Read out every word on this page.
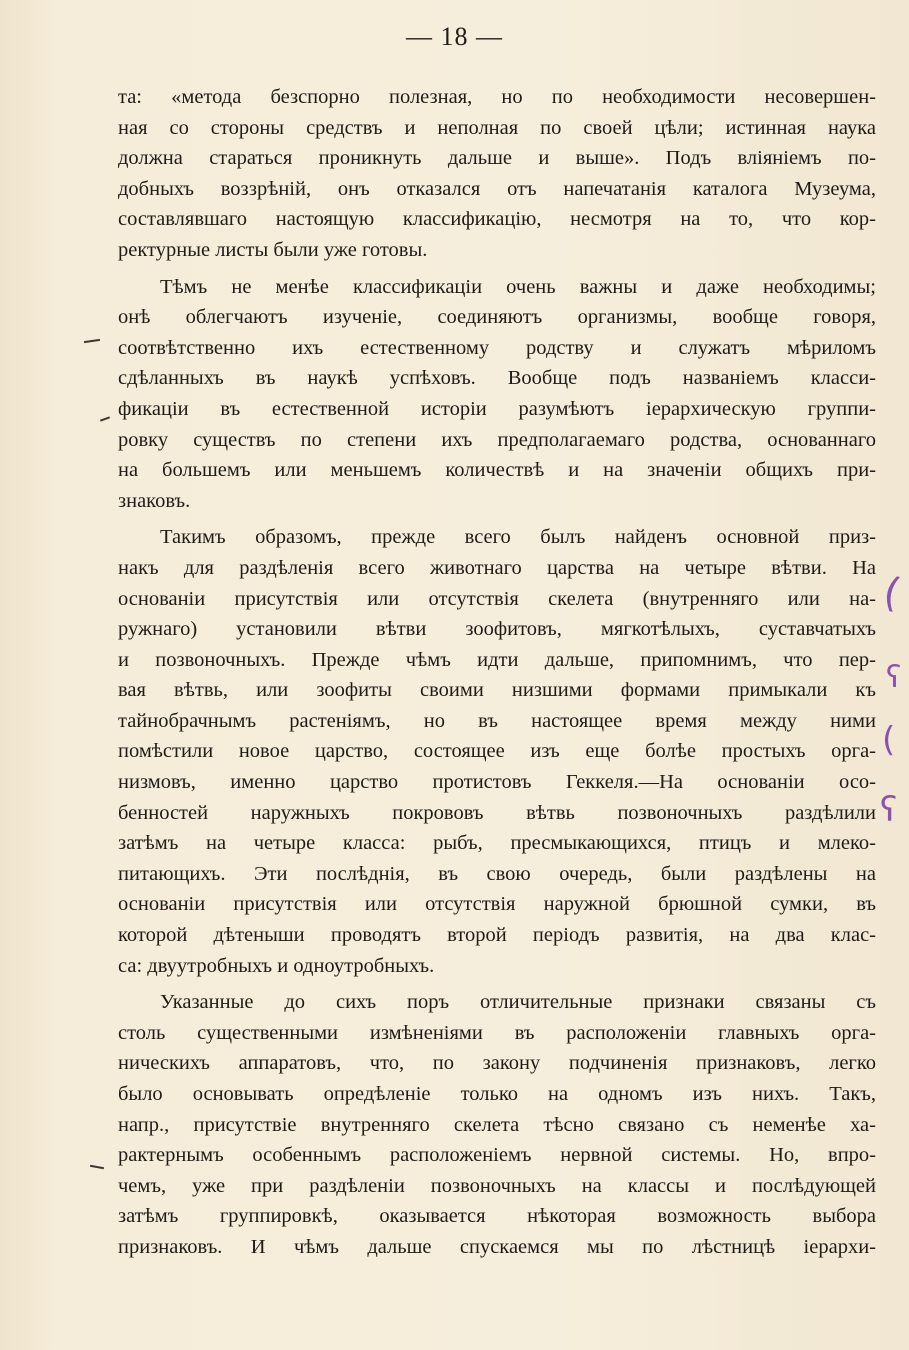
— 18 —
(
ʕ
(
ʕ
та: «метода безспорно полезная, но по необходимости несовершен-
ная со стороны средствъ и неполная по своей цѣли; истинная наука
должна стараться проникнуть дальше и выше». Подъ вліяніемъ по-
добныхъ воззрѣній, онъ отказался отъ напечатанія каталога Музеума,
составлявшаго настоящую классификацію, несмотря на то, что кор-
ректурные листы были уже готовы.
Тѣмъ не менѣе классификаціи очень важны и даже необходимы;
онѣ облегчаютъ изученіе, соединяютъ организмы, вообще говоря,
соотвѣтственно ихъ естественному родству и служатъ мѣриломъ
сдѣланныхъ въ наукѣ успѣховъ. Вообще подъ названіемъ класси-
фикаціи въ естественной исторіи разумѣютъ іерархическую группи-
ровку существъ по степени ихъ предполагаемаго родства, основаннаго
на большемъ или меньшемъ количествѣ и на значеніи общихъ при-
знаковъ.
Такимъ образомъ, прежде всего былъ найденъ основной приз-
накъ для раздѣленія всего животнаго царства на четыре вѣтви. На
основаніи присутствія или отсутствія скелета (внутренняго или на-
ружнаго) установили вѣтви зоофитовъ, мягкотѣлыхъ, суставчатыхъ
и позвоночныхъ. Прежде чѣмъ идти дальше, припомнимъ, что пер-
вая вѣтвь, или зоофиты своими низшими формами примыкали къ
тайнобрачнымъ растеніямъ, но въ настоящее время между ними
помѣстили новое царство, состоящее изъ еще болѣе простыхъ орга-
низмовъ, именно царство протистовъ Геккеля.—На основаніи осо-
бенностей наружныхъ покрововъ вѣтвь позвоночныхъ раздѣлили
затѣмъ на четыре класса: рыбъ, пресмыкающихся, птицъ и млеко-
питающихъ. Эти послѣднія, въ свою очередь, были раздѣлены на
основаніи присутствія или отсутствія наружной брюшной сумки, въ
которой дѣтеныши проводятъ второй періодъ развитія, на два клас-
са: двуутробныхъ и одноутробныхъ.
Указанные до сихъ поръ отличительные признаки связаны съ
столь существенными измѣненіями въ расположеніи главныхъ орга-
ническихъ аппаратовъ, что, по закону подчиненія признаковъ, легко
было основывать опредѣленіе только на одномъ изъ нихъ. Такъ,
напр., присутствіе внутренняго скелета тѣсно связано съ неменѣе ха-
рактернымъ особеннымъ расположеніемъ нервной системы. Но, впро-
чемъ, уже при раздѣленіи позвоночныхъ на классы и послѣдующей
затѣмъ группировкѣ, оказывается нѣкоторая возможность выбора
признаковъ. И чѣмъ дальше спускаемся мы по лѣстницѣ іерархи-
